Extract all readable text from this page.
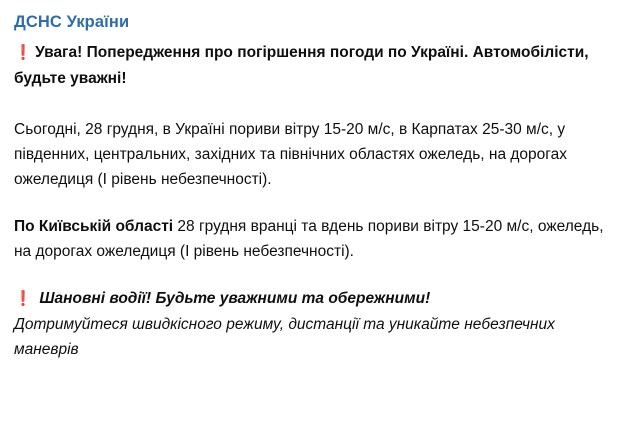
ДСНС України

❗ Увага! Попередження про погіршення погоди по Україні. Автомобілісти, будьте уважні!

Сьогодні, 28 грудня, в Україні пориви вітру 15-20 м/с, в Карпатах 25-30 м/с, у південних, центральних, західних та північних областях ожеледь, на дорогах ожеледиця (І рівень небезпечності).

По Київській області 28 грудня вранці та вдень пориви вітру 15-20 м/с, ожеледь, на дорогах ожеледиця (І рівень небезпечності).

❗ Шановні водії! Будьте уважними та обережними!
Дотримуйтеся швидкісного режиму, дистанції та уникайте небезпечних маневрів
